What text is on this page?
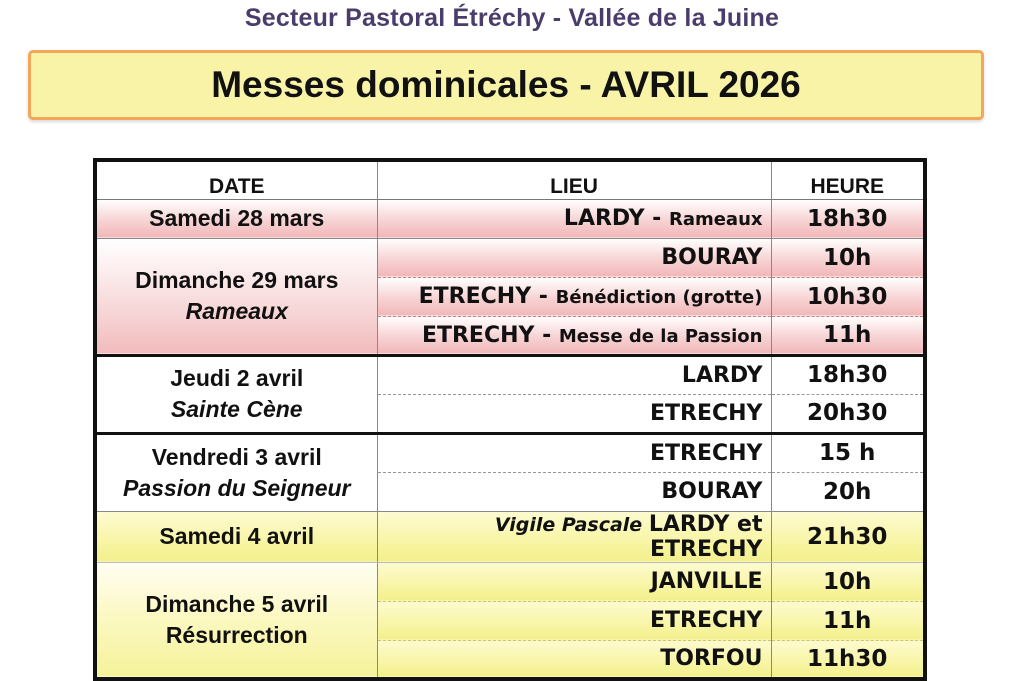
Secteur Pastoral Étréchy - Vallée de la Juine
Messes dominicales - AVRIL 2026
DATE	LIEU	HEURE
Samedi 28 mars	LARDY - Rameaux	18h30

Dimanche 29 mars
Rameaux	BOURAY	10h
	ETRECHY - Bénédiction (grotte)	10h30
	ETRECHY - Messe de la Passion	11h

Jeudi 2 avril
Sainte Cène	LARDY	18h30
	ETRECHY	20h30

Vendredi 3 avril
Passion du Seigneur	ETRECHY	15 h
	BOURAY	20h
Samedi 4 avril	Vigile Pascale LARDY et ETRECHY	21h30

Dimanche 5 avril
Résurrection	JANVILLE	10h
	ETRECHY	11h
	TORFOU	11h30
